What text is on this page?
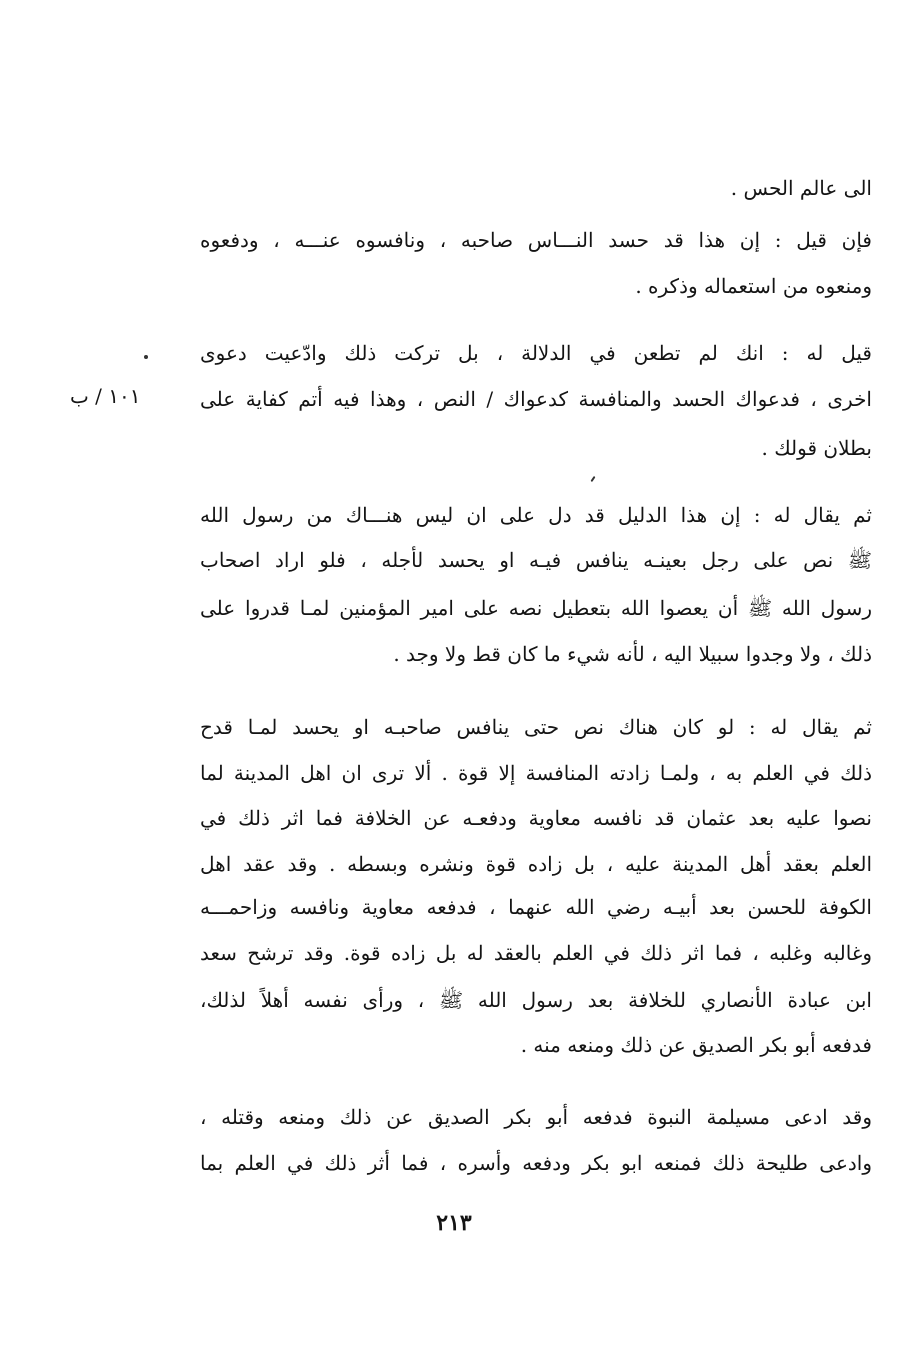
الى عالم الحس .
فإن قيل : إن هذا قد حسد النـــاس صاحبه ، ونافسوه عنـــه ، ودفعوه
ومنعوه من استعماله وذكره .
قيل له : انك لم تطعن في الدلالة ، بل تركت ذلك وادّعيت دعوى
اخرى ، فدعواك الحسد والمنافسة كدعواك / النص ، وهذا فيه أتم كفاية على
بطلان قولك .
١٠١ / ب
ثم يقال له : إن هذا الدليل قد دل على ان ليس هنـــاك من رسول الله
ﷺ نص على رجل بعينـه ينافس فيـه او يحسد لأجله ، فلو اراد اصحاب
رسول الله ﷺ أن يعصوا الله بتعطيل نصه على امير المؤمنين لمـا قدروا على
ذلك ، ولا وجدوا سبيلا اليه ، لأنه شيء ما كان قط ولا وجد .
ثم يقال له : لو كان هناك نص حتى ينافس صاحبـه او يحسد لمـا قدح
ذلك في العلم به ، ولمـا زادته المنافسة إلا قوة . ألا ترى ان اهل المدينة لما
نصوا عليه بعد عثمان قد نافسه معاوية ودفعـه عن الخلافة فما اثر ذلك في
العلم بعقد أهل المدينة عليه ، بل زاده قوة ونشره وبسطه . وقد عقد اهل
الكوفة للحسن بعد أبيـه رضي الله عنهما ، فدفعه معاوية ونافسه وزاحمـــه
وغالبه وغلبه ، فما اثر ذلك في العلم بالعقد له بل زاده قوة. وقد ترشح سعد
ابن عبادة الأنصاري للخلافة بعد رسول الله ﷺ ، ورأى نفسه أهلاً لذلك،
فدفعه أبو بكر الصديق عن ذلك ومنعه منه .
وقد ادعى مسيلمة النبوة فدفعه أبو بكر الصديق عن ذلك ومنعه وقتله ،
وادعى طليحة ذلك فمنعه ابو بكر ودفعه وأسره ، فما أثر ذلك في العلم بما
٢١٣
